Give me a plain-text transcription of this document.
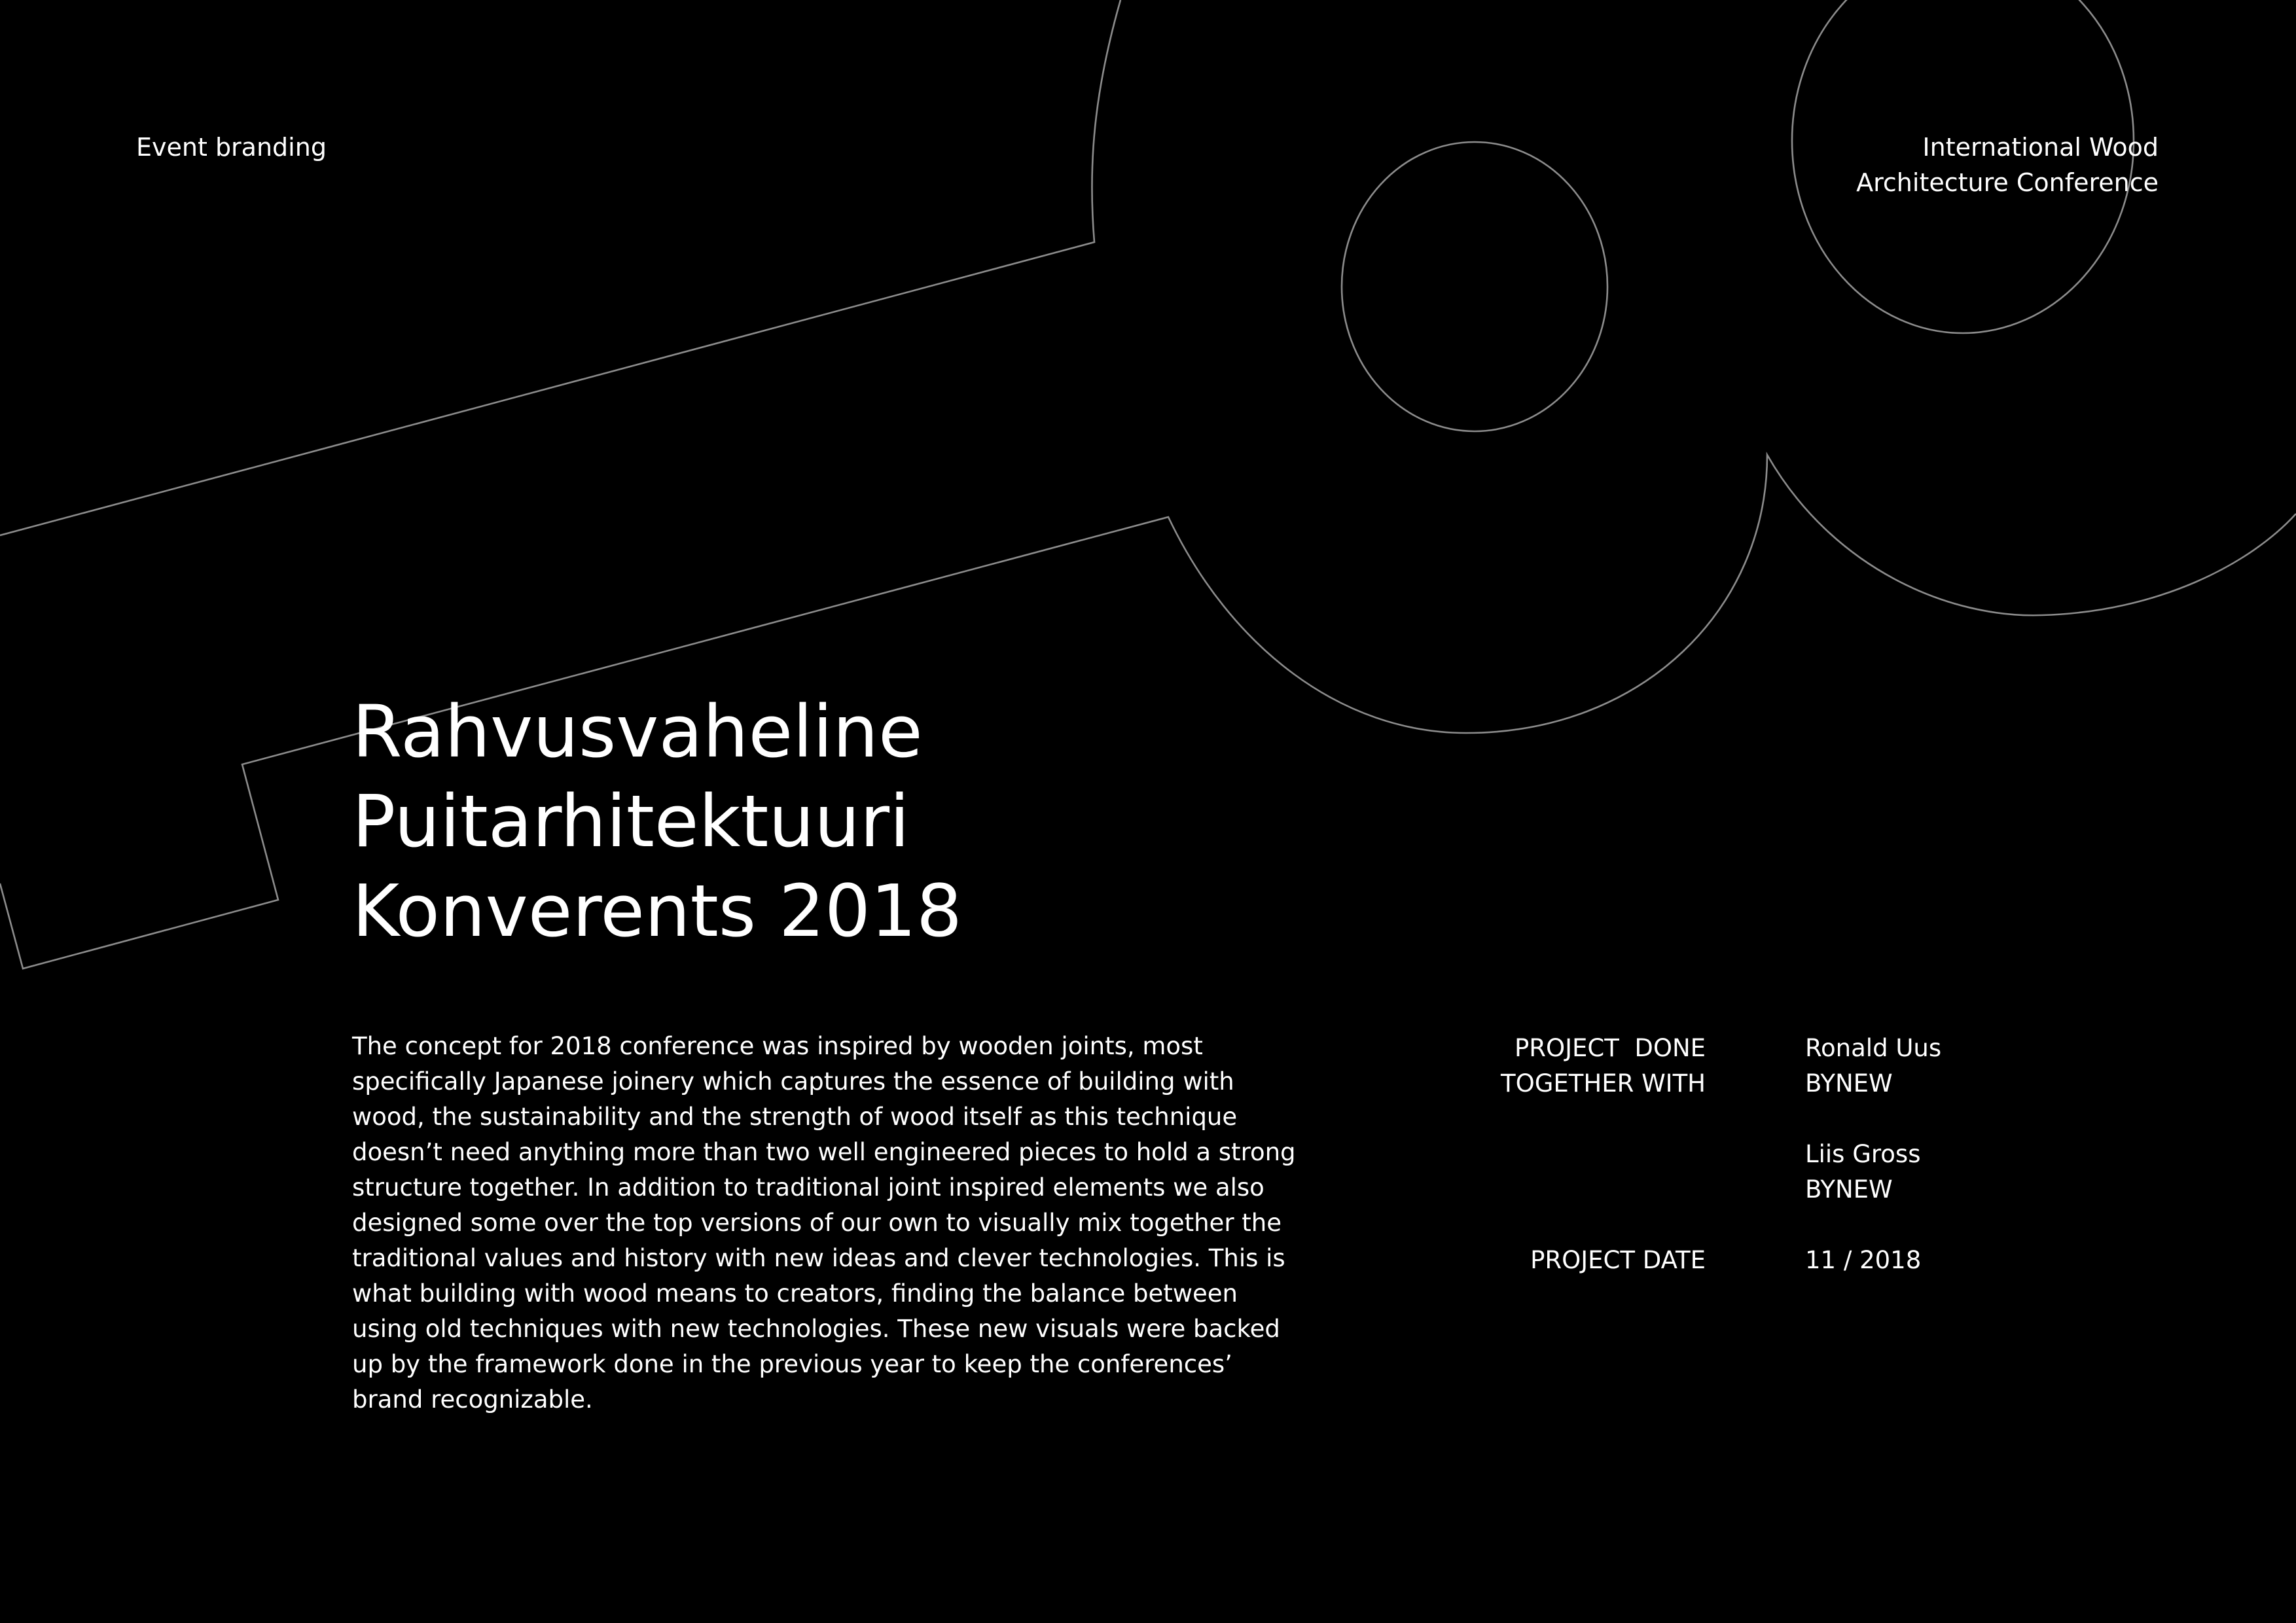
Event branding	International Wood
Architecture Conference
Rahvusvaheline
Puitarhitektuuri
Konverents 2018

The concept for 2018 conference was inspired by wooden joints, most specifically Japanese joinery which captures the essence of building with wood, the sustainability and the strength of wood itself as this technique doesn’t need anything more than two well engineered pieces to hold a strong structure together. In addition to traditional joint inspired elements we also designed some over the top versions of our own to visually mix together the traditional values and history with new ideas and clever technologies. This is what building with wood means to creators, finding the balance between using old techniques with new technologies. These new visuals were backed up by the framework done in the previous year to keep the conferences’ brand recognizable.

PROJECT  DONE
TOGETHER WITH
PROJECT DATE
Ronald Uus
BYNEW
Liis Gross
BYNEW
11 / 2018
